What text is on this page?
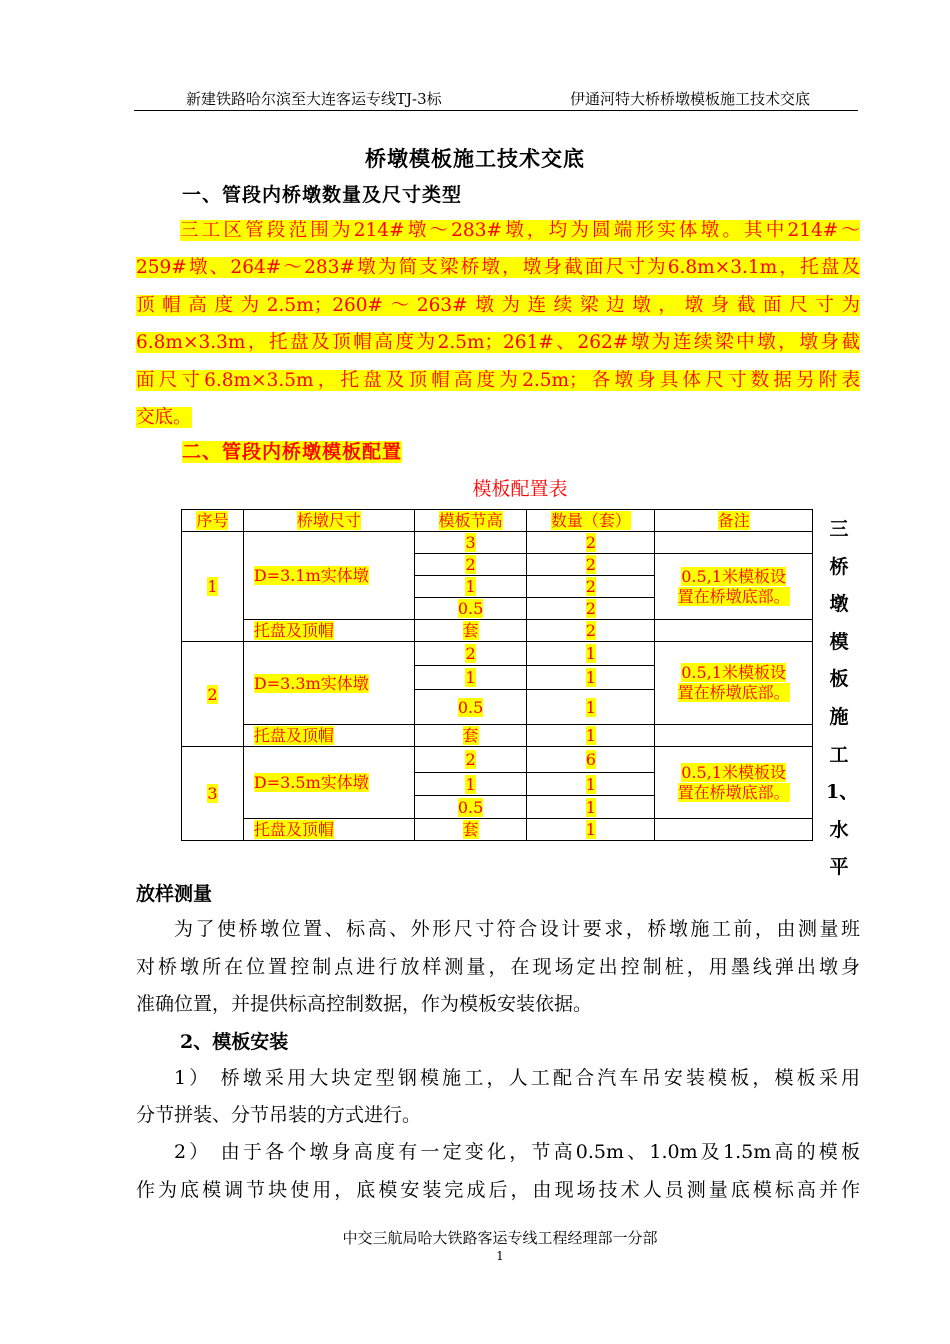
新建铁路哈尔滨至大连客运专线TJ-3标	伊通河特大桥桥墩模板施工技术交底
桥墩模板施工技术交底
一、管段内桥墩数量及尺寸类型
三工区管段范围为214#墩～283#墩，均为圆端形实体墩。其中214#～
259#墩、264#～283#墩为简支梁桥墩，墩身截面尺寸为6.8m×3.1m，托盘及
顶帽高度为2.5m；260#～263#墩为连续梁边墩，墩身截面尺寸为
6.8m×3.3m，托盘及顶帽高度为2.5m；261#、262#墩为连续梁中墩，墩身截
面尺寸6.8m×3.5m，托盘及顶帽高度为2.5m；各墩身具体尺寸数据另附表
交底。
二、管段内桥墩模板配置
模板配置表
序号	桥墩尺寸	模板节高	数量（套）	备注
1	D=3.1m实体墩	3	2	
		2	2	0.5,1米模板设
置在桥墩底部。
		1	2	
		0.5	2	
	托盘及顶帽	套	2	
2	D=3.3m实体墩	2	1	0.5,1米模板设
置在桥墩底部。
		1	1	
		0.5	1	
	托盘及顶帽	套	1	
3	D=3.5m实体墩	2	6	0.5,1米模板设
置在桥墩底部。
		1	1	
		0.5	1	
	托盘及顶帽	套	1	
三
桥
墩
模
板
施
工
1、
水
平
放样测量
为了使桥墩位置、标高、外形尺寸符合设计要求，桥墩施工前，由测量班
对桥墩所在位置控制点进行放样测量，在现场定出控制桩，用墨线弹出墩身
准确位置，并提供标高控制数据，作为模板安装依据。
2、模板安装
1） 桥墩采用大块定型钢模施工，人工配合汽车吊安装模板，模板采用
分节拼装、分节吊装的方式进行。
2） 由于各个墩身高度有一定变化，节高0.5m、1.0m及1.5m高的模板
作为底模调节块使用，底模安装完成后，由现场技术人员测量底模标高并作
中交三航局哈大铁路客运专线工程经理部一分部
1
